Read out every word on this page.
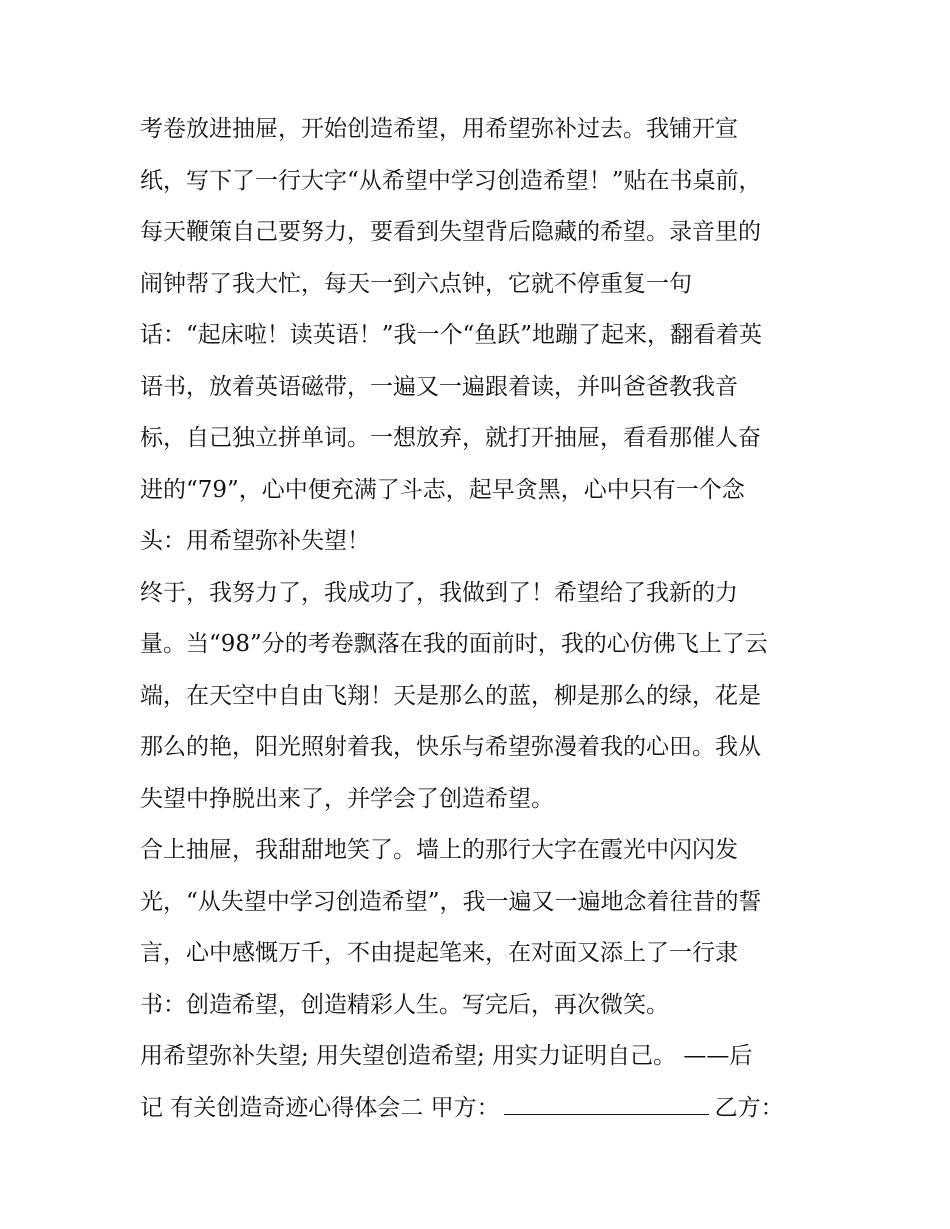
考卷放进抽屉，开始创造希望，用希望弥补过去。我铺开宣
纸，写下了一行大字“从希望中学习创造希望！”贴在书桌前，
每天鞭策自己要努力，要看到失望背后隐藏的希望。录音里的
闹钟帮了我大忙，每天一到六点钟，它就不停重复一句
话：“起床啦！读英语！”我一个“鱼跃”地蹦了起来，翻看着英
语书，放着英语磁带，一遍又一遍跟着读，并叫爸爸教我音
标，自己独立拼单词。一想放弃，就打开抽屉，看看那催人奋
进的“79”，心中便充满了斗志，起早贪黑，心中只有一个念
头：用希望弥补失望！
终于，我努力了，我成功了，我做到了！希望给了我新的力
量。当“98”分的考卷飘落在我的面前时，我的心仿佛飞上了云
端，在天空中自由飞翔！天是那么的蓝，柳是那么的绿，花是
那么的艳，阳光照射着我，快乐与希望弥漫着我的心田。我从
失望中挣脱出来了，并学会了创造希望。
合上抽屉，我甜甜地笑了。墙上的那行大字在霞光中闪闪发
光，“从失望中学习创造希望”，我一遍又一遍地念着往昔的誓
言，心中感慨万千，不由提起笔来，在对面又添上了一行隶
书：创造希望，创造精彩人生。写完后，再次微笑。
用希望弥补失望; 用失望创造希望; 用实力证明自己。 ——后
记 有关创造奇迹心得体会二 甲方：	乙方：
